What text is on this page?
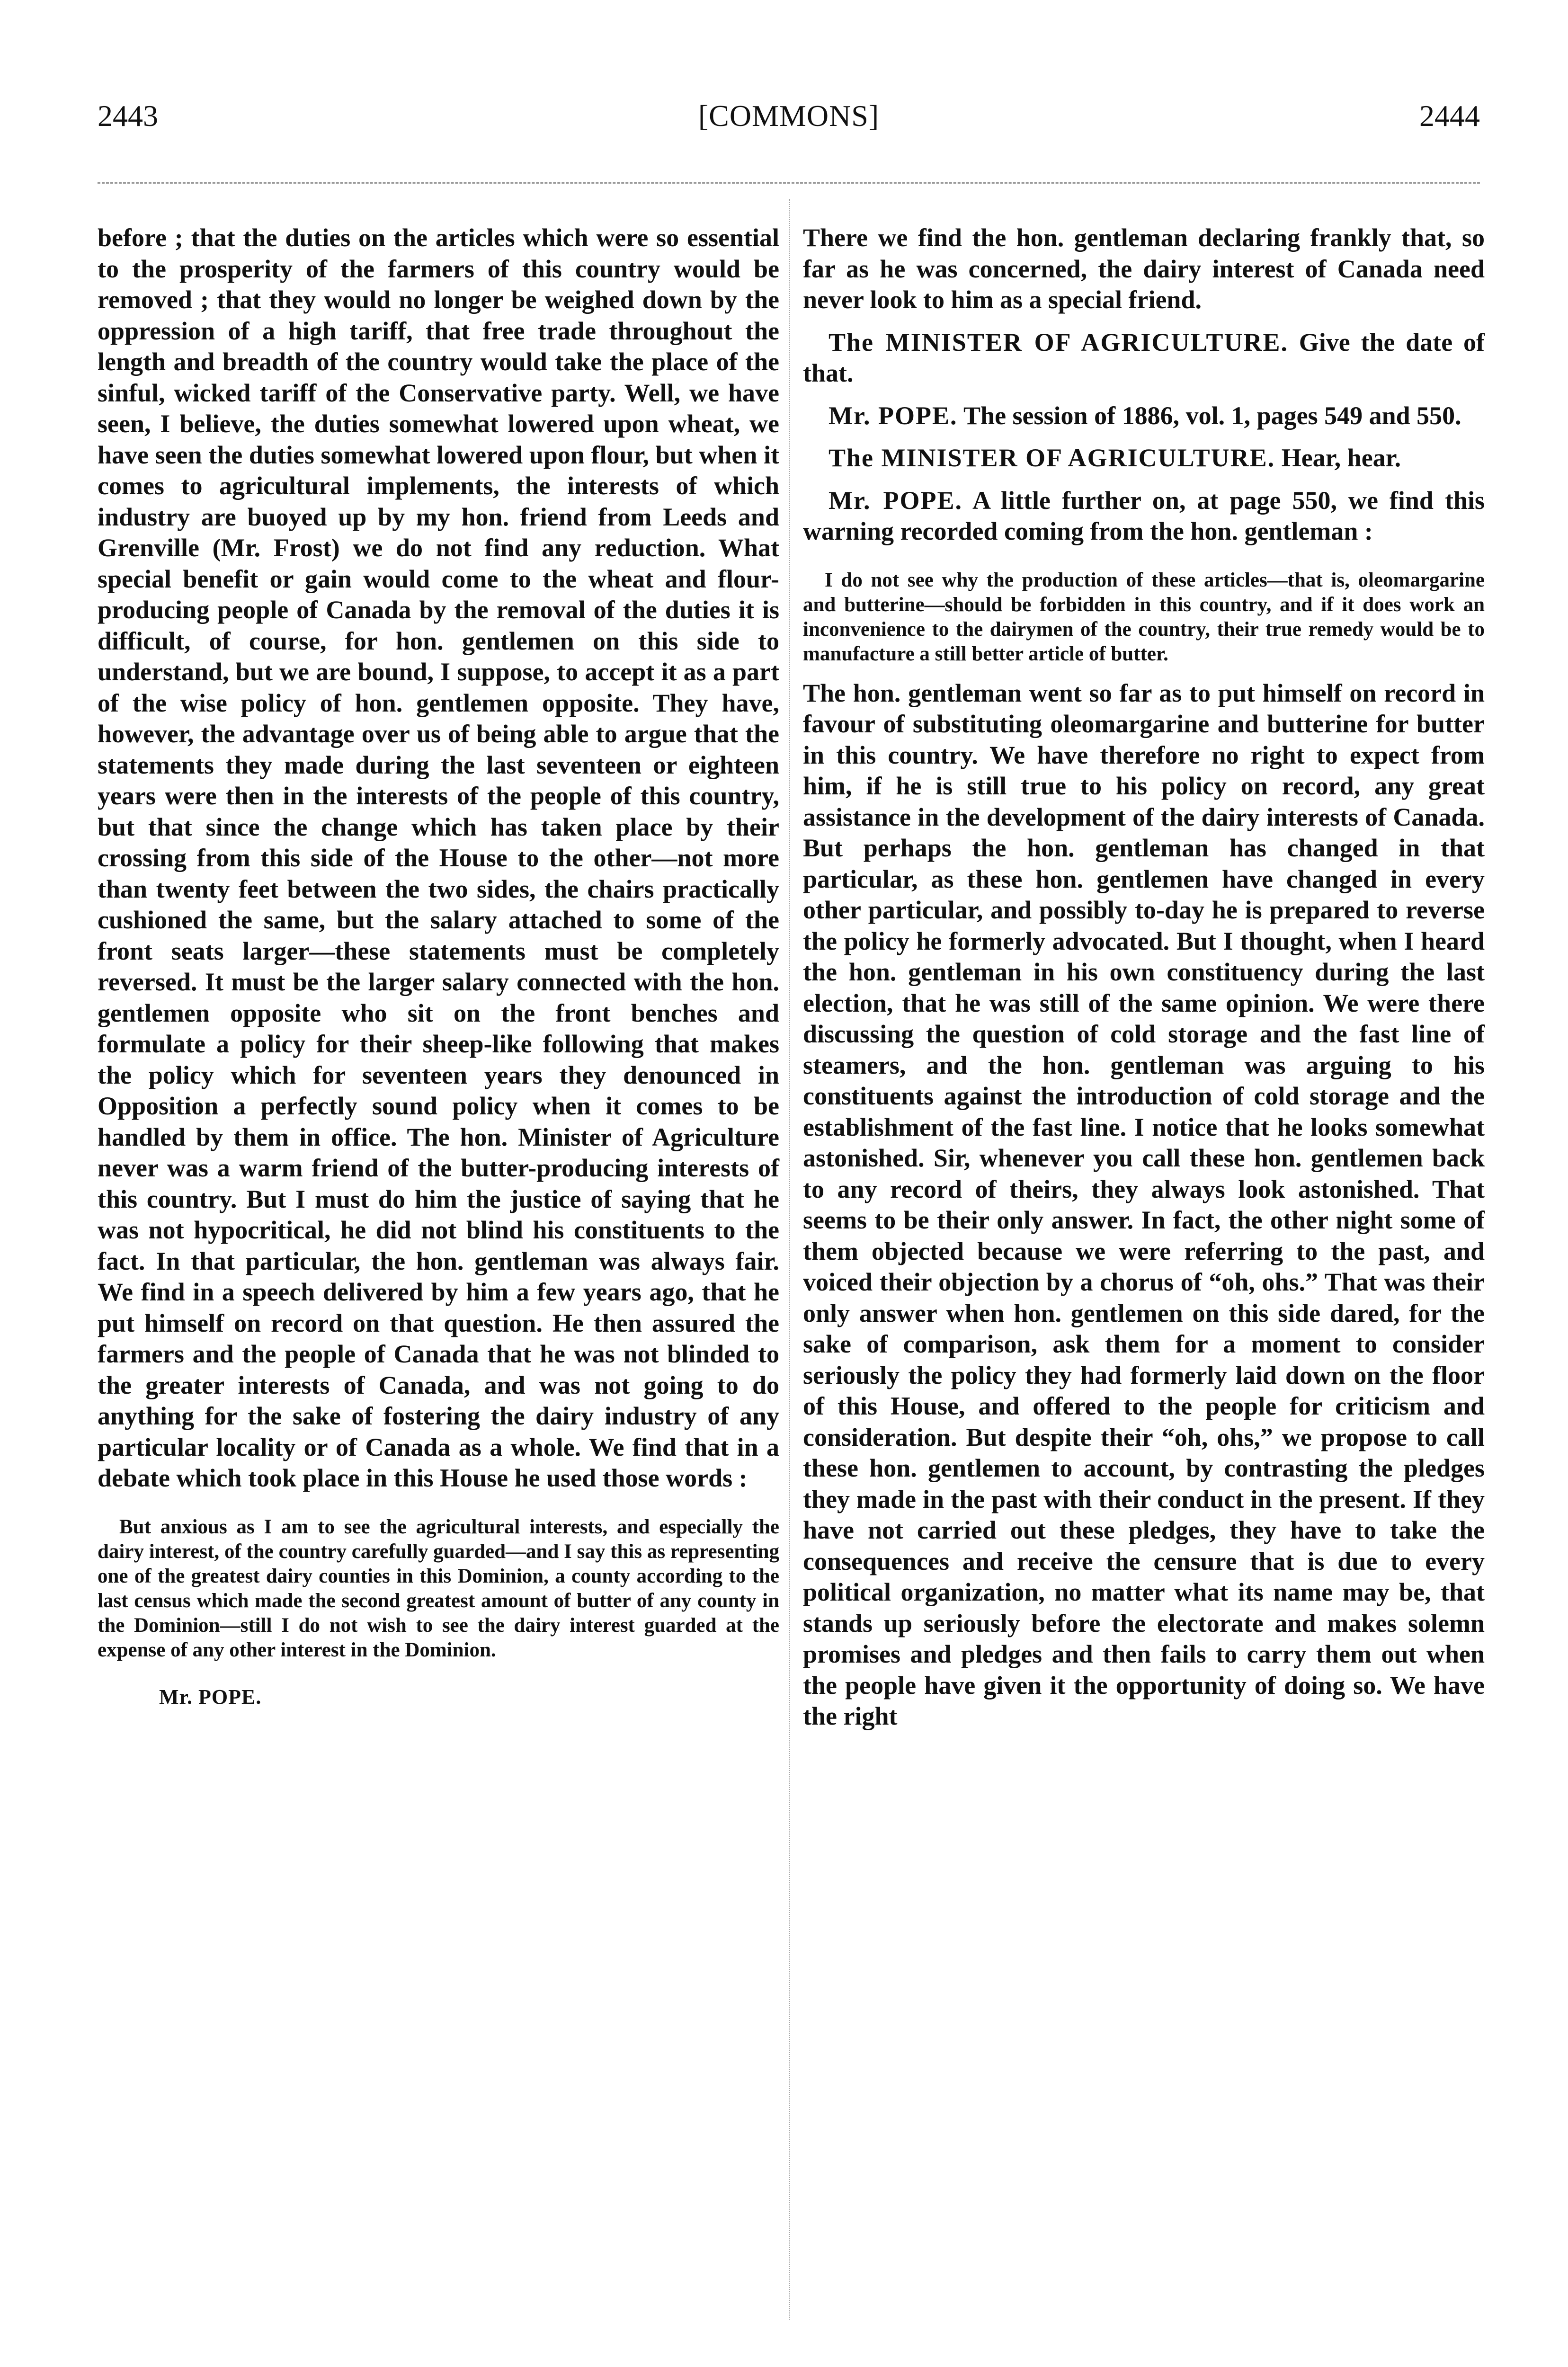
2443	[COMMONS]	2444

before ; that the duties on the articles which were so essential to the prosperity of the farmers of this country would be removed ; that they would no longer be weighed down by the oppression of a high tariff, that free trade throughout the length and breadth of the country would take the place of the sinful, wicked tariff of the Conservative party. Well, we have seen, I believe, the duties somewhat lowered upon wheat, we have seen the duties somewhat lowered upon flour, but when it comes to agricultural implements, the interests of which industry are buoyed up by my hon. friend from Leeds and Grenville (Mr. Frost) we do not find any reduction. What special benefit or gain would come to the wheat and flour-producing people of Canada by the removal of the duties it is difficult, of course, for hon. gentlemen on this side to understand, but we are bound, I suppose, to accept it as a part of the wise policy of hon. gentlemen opposite. They have, however, the advantage over us of being able to argue that the statements they made during the last seventeen or eighteen years were then in the interests of the people of this country, but that since the change which has taken place by their crossing from this side of the House to the other—not more than twenty feet between the two sides, the chairs practically cushioned the same, but the salary attached to some of the front seats larger—these statements must be completely reversed. It must be the larger salary connected with the hon. gentlemen opposite who sit on the front benches and formulate a policy for their sheep-like following that makes the policy which for seventeen years they denounced in Opposition a perfectly sound policy when it comes to be handled by them in office. The hon. Minister of Agriculture never was a warm friend of the butter-producing interests of this country. But I must do him the justice of saying that he was not hypocritical, he did not blind his constituents to the fact. In that particular, the hon. gentleman was always fair. We find in a speech delivered by him a few years ago, that he put himself on record on that question. He then assured the farmers and the people of Canada that he was not blinded to the greater interests of Canada, and was not going to do anything for the sake of fostering the dairy industry of any particular locality or of Canada as a whole. We find that in a debate which took place in this House he used those words :

But anxious as I am to see the agricultural interests, and especially the dairy interest, of the country carefully guarded—and I say this as representing one of the greatest dairy counties in this Dominion, a county according to the last census which made the second greatest amount of butter of any county in the Dominion—still I do not wish to see the dairy interest guarded at the expense of any other interest in the Dominion.

Mr. POPE.

There we find the hon. gentleman declaring frankly that, so far as he was concerned, the dairy interest of Canada need never look to him as a special friend.

The MINISTER OF AGRICULTURE. Give the date of that.

Mr. POPE. The session of 1886, vol. 1, pages 549 and 550.

The MINISTER OF AGRICULTURE. Hear, hear.

Mr. POPE. A little further on, at page 550, we find this warning recorded coming from the hon. gentleman :

I do not see why the production of these articles—that is, oleomargarine and butterine—should be forbidden in this country, and if it does work an inconvenience to the dairymen of the country, their true remedy would be to manufacture a still better article of butter.

The hon. gentleman went so far as to put himself on record in favour of substituting oleomargarine and butterine for butter in this country. We have therefore no right to expect from him, if he is still true to his policy on record, any great assistance in the development of the dairy interests of Canada. But perhaps the hon. gentleman has changed in that particular, as these hon. gentlemen have changed in every other particular, and possibly to-day he is prepared to reverse the policy he formerly advocated. But I thought, when I heard the hon. gentleman in his own constituency during the last election, that he was still of the same opinion. We were there discussing the question of cold storage and the fast line of steamers, and the hon. gentleman was arguing to his constituents against the introduction of cold storage and the establishment of the fast line. I notice that he looks somewhat astonished. Sir, whenever you call these hon. gentlemen back to any record of theirs, they always look astonished. That seems to be their only answer. In fact, the other night some of them objected because we were referring to the past, and voiced their objection by a chorus of “oh, ohs.” That was their only answer when hon. gentlemen on this side dared, for the sake of comparison, ask them for a moment to consider seriously the policy they had formerly laid down on the floor of this House, and offered to the people for criticism and consideration. But despite their “oh, ohs,” we propose to call these hon. gentlemen to account, by contrasting the pledges they made in the past with their conduct in the present. If they have not carried out these pledges, they have to take the consequences and receive the censure that is due to every political organization, no matter what its name may be, that stands up seriously before the electorate and makes solemn promises and pledges and then fails to carry them out when the people have given it the opportunity of doing so. We have the right
